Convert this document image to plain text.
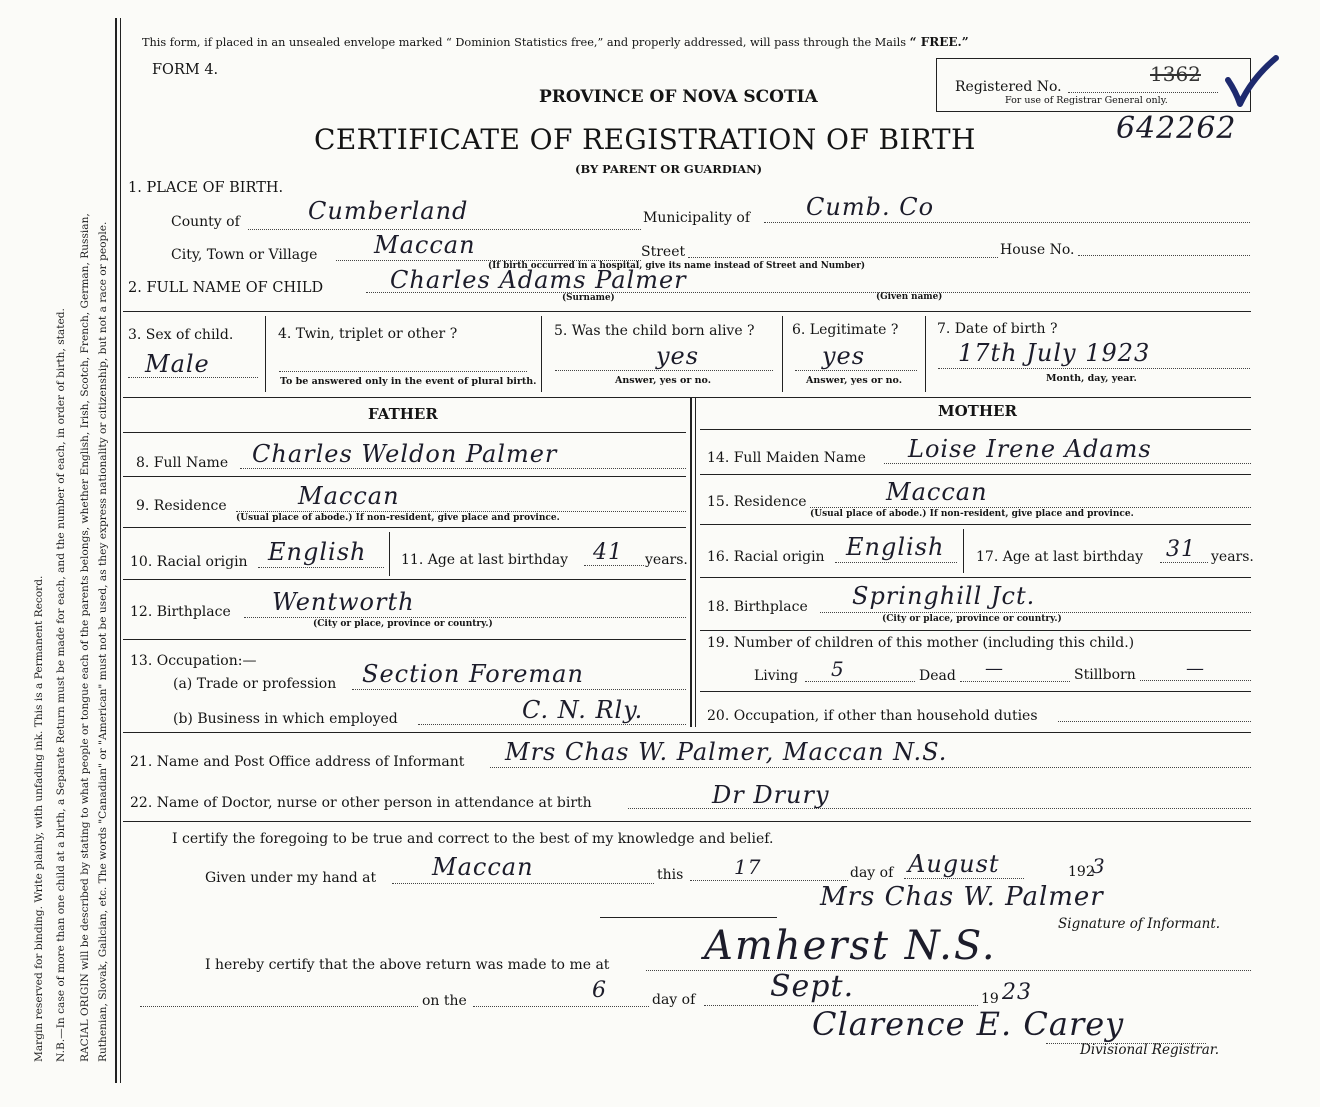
Margin reserved for binding. Write plainly, with unfading ink. This is a Permanent Record. N.B.—In case of more than one child at a birth, a Separate Return must be made for each, and the number of each, in order of birth, stated. RACIAL ORIGIN will be described by stating to what people or tongue each of the parents belongs, whether English, Irish, Scotch, French, German, Russian, Ruthenian, Slovak, Galician, etc. The words "Canadian" or "American" must not be used, as they express nationality or citizenship, but not a race or people.
This form, if placed in an unsealed envelope marked “ Dominion Statistics free,” and properly addressed, will pass through the Mails “ FREE.”
FORM 4.
PROVINCE OF NOVA SCOTIA
CERTIFICATE OF REGISTRATION OF BIRTH
(BY PARENT OR GUARDIAN)
Registered No.
For use of Registrar General only.
1362
642262
1. PLACE OF BIRTH.
County of	Cumberland	Municipality of Cumb. Co
City, Town or Village Maccan	Street	House No.
(If birth occurred in a hospital, give its name instead of Street and Number)
2. FULL NAME OF CHILD	Charles Adams Palmer
(Surname)	(Given name)
3. Sex of child.
Male
4. Twin, triplet or other ?
To be answered only in the event of plural birth.
5. Was the child born alive ?
yes
Answer, yes or no.
6. Legitimate ?
yes
Answer, yes or no.
7. Date of birth ?
17th July 1923
Month, day, year.
FATHER	MOTHER
8. Full Name Charles Weldon Palmer	14. Full Maiden Name Loise Irene Adams
9. Residence	Maccan
(Usual place of abode.) If non-resident, give place and province.
15. Residence	Maccan
(Usual place of abode.) If non-resident, give place and province.
10. Racial origin English 11. Age at last birthday 41 years. 16. Racial origin English 17. Age at last birthday 31 years.
12. Birthplace Wentworth
(City or place, province or country.)
18. Birthplace Springhill Jct.
(City or place, province or country.)
13. Occupation:—
(a) Trade or profession Section Foreman
(b) Business in which employed	C. N. Rly.
19. Number of children of this mother (including this child.)
Living 5	Dead —	Stillborn	—
20. Occupation, if other than household duties
21. Name and Post Office address of Informant Mrs Chas W. Palmer, Maccan N.S.
22. Name of Doctor, nurse or other person in attendance at birth	Dr Drury
I certify the foregoing to be true and correct to the best of my knowledge and belief.
Given under my hand at Maccan	this	17	day of August	192
3
Mrs Chas W. Palmer
Signature of Informant.
I hereby certify that the above return was made to me at Amherst N.S.
on the	6	day of Sept.	19 23
Clarence E. Carey
Divisional Registrar.
